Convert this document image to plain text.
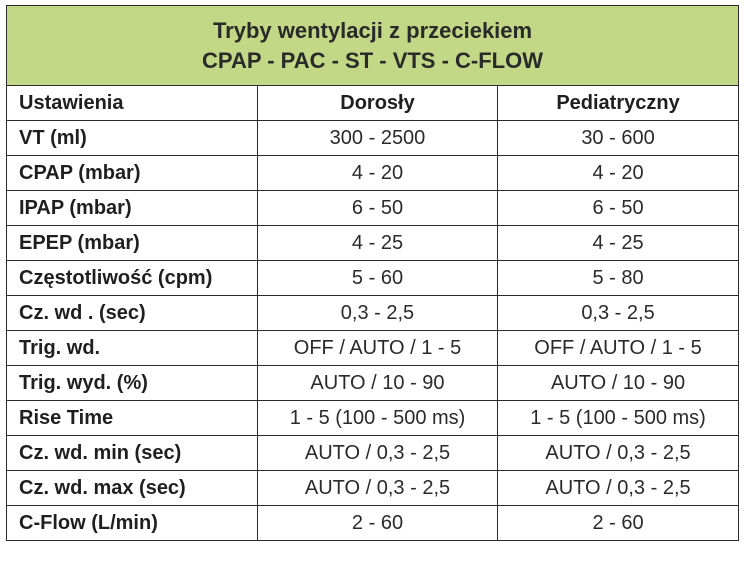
Tryby wentylacji z przeciekiem
CPAP - PAC - ST - VTS - C-FLOW		

Ustawienia	Dorosły	Pediatryczny
VT (ml)	300 - 2500	30 - 600
CPAP (mbar)	4 - 20	4 - 20
IPAP (mbar)	6 - 50	6 - 50
EPEP (mbar)	4 - 25	4 - 25
Częstotliwość (cpm)	5 - 60	5 - 80
Cz. wd . (sec)	0,3 - 2,5	0,3 - 2,5
Trig. wd.	OFF / AUTO / 1 - 5	OFF / AUTO / 1 - 5
Trig. wyd. (%)	AUTO / 10 - 90	AUTO / 10 - 90
Rise Time	1 - 5 (100 - 500 ms)	1 - 5 (100 - 500 ms)
Cz. wd. min (sec)	AUTO / 0,3 - 2,5	AUTO / 0,3 - 2,5
Cz. wd. max (sec)	AUTO / 0,3 - 2,5	AUTO / 0,3 - 2,5
C-Flow (L/min)	2 - 60	2 - 60
